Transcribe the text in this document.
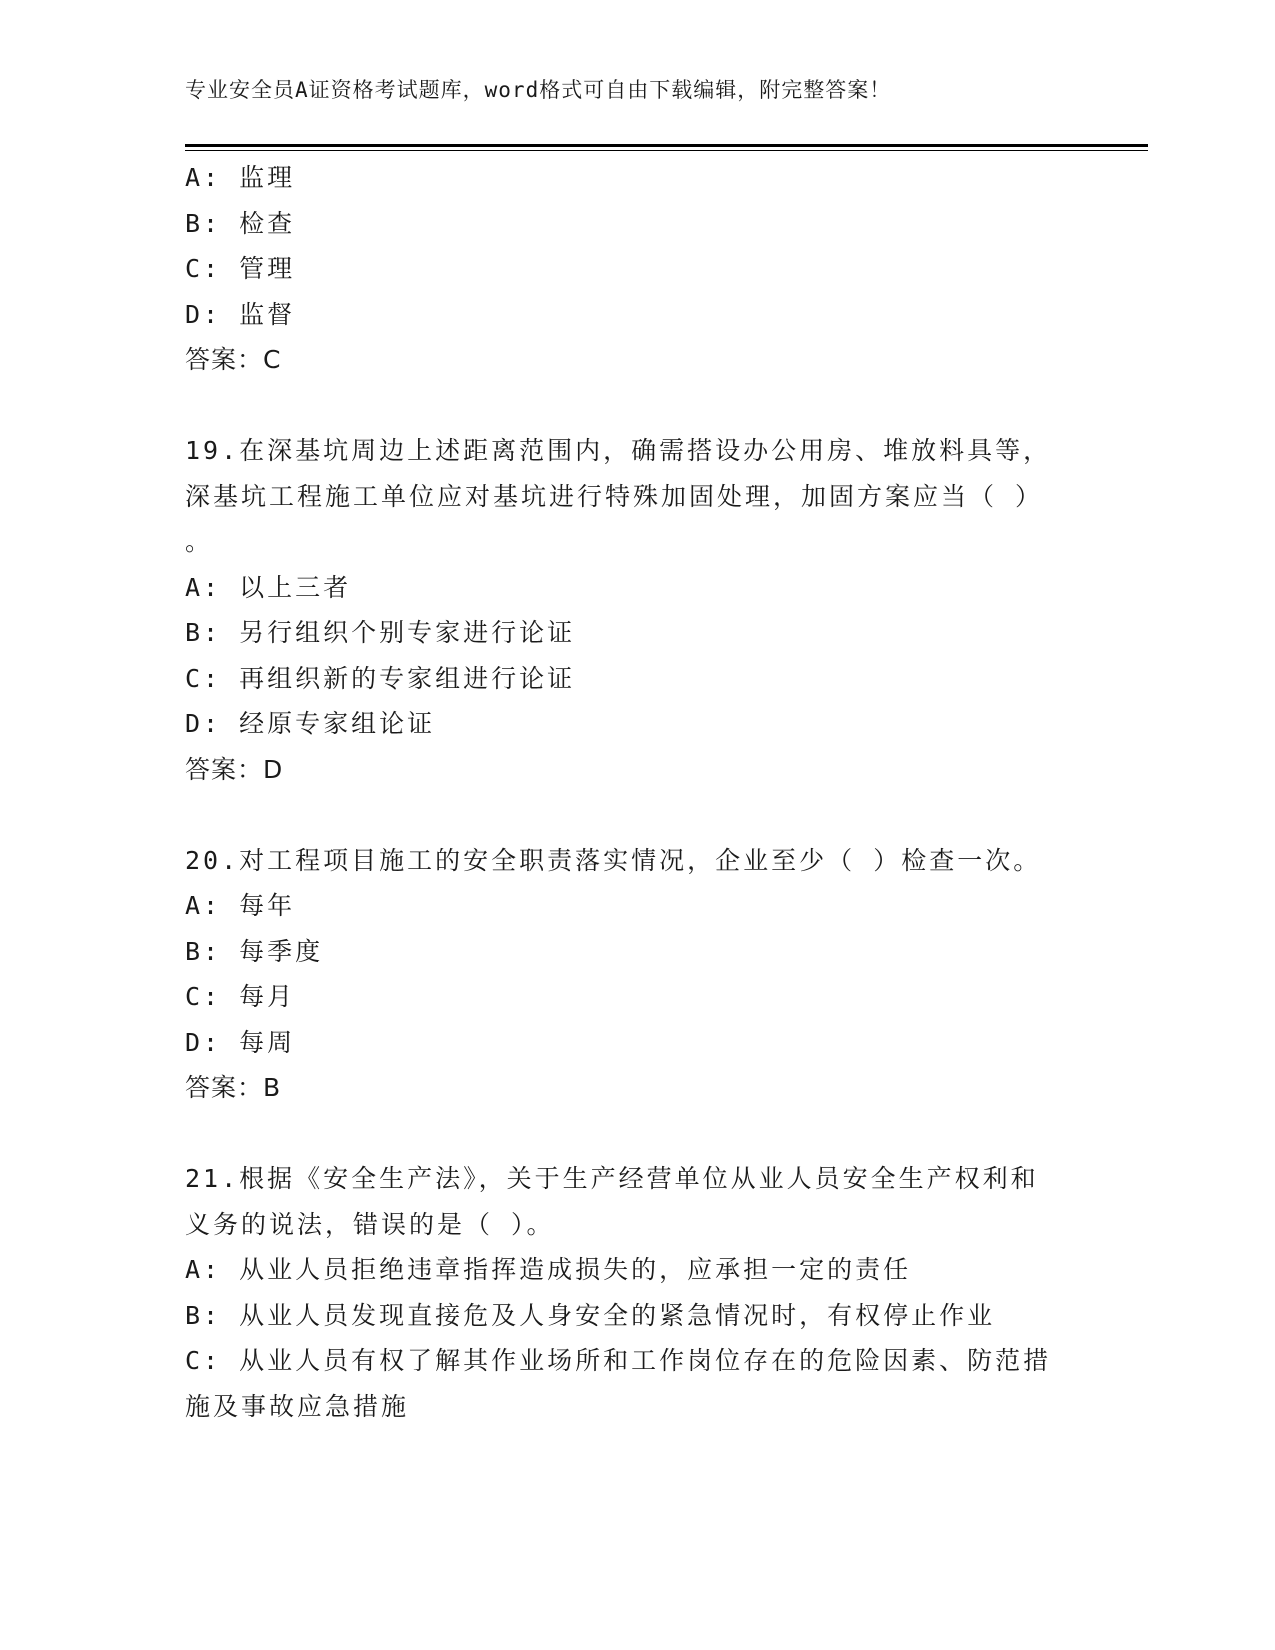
专业安全员A证资格考试题库，word格式可自由下载编辑，附完整答案！
A: 监理
B: 检查
C: 管理
D: 监督
答案：C
19.在深基坑周边上述距离范围内，确需搭设办公用房、堆放料具等，
深基坑工程施工单位应对基坑进行特殊加固处理，加固方案应当（ ）
。
A: 以上三者
B: 另行组织个别专家进行论证
C: 再组织新的专家组进行论证
D: 经原专家组论证
答案：D
20.对工程项目施工的安全职责落实情况，企业至少（ ）检查一次。
A: 每年
B: 每季度
C: 每月
D: 每周
答案：B
21.根据《安全生产法》，关于生产经营单位从业人员安全生产权利和
义务的说法，错误的是（ ）。
A: 从业人员拒绝违章指挥造成损失的，应承担一定的责任
B: 从业人员发现直接危及人身安全的紧急情况时，有权停止作业
C: 从业人员有权了解其作业场所和工作岗位存在的危险因素、防范措
施及事故应急措施
